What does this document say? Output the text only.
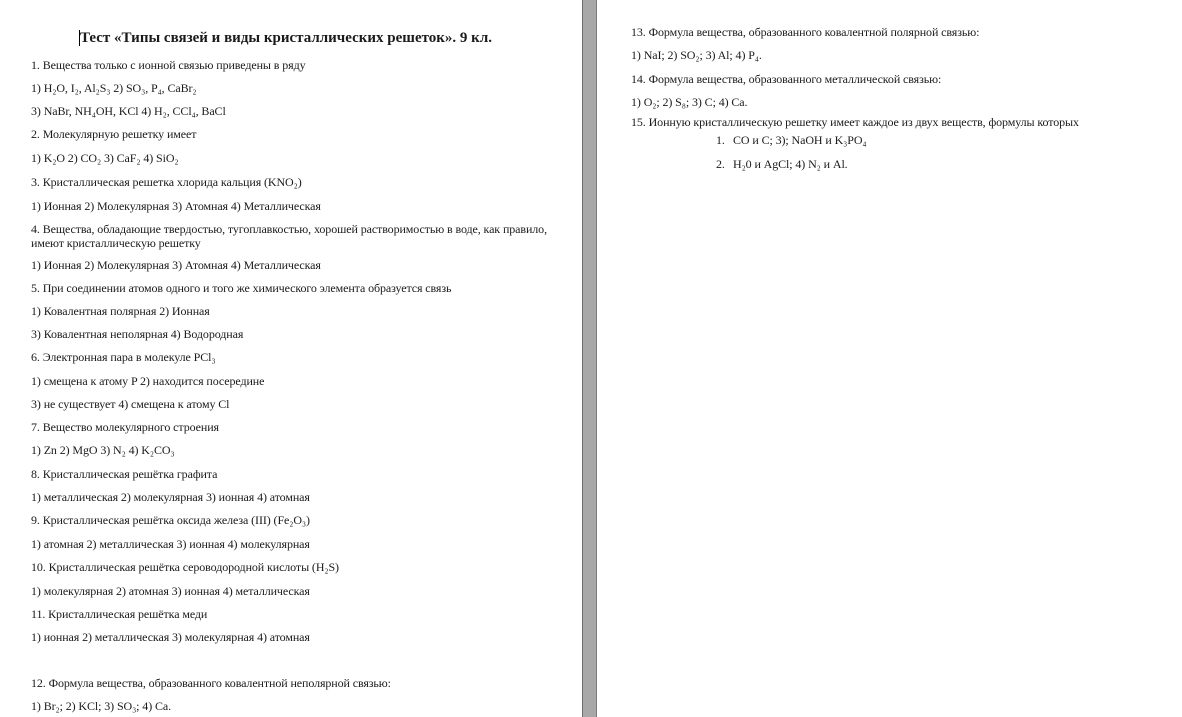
Тест «Типы связей и виды кристаллических решеток». 9 кл.
1. Вещества только с ионной связью приведены в ряду
1) H₂O, I₂, Al₂S₃ 2) SO₃, P₄, CaBr₂
3) NaBr, NH₄OH, KCl 4) H₂, CCl₄, BaCl
2. Молекулярную решетку имеет
1) K₂O 2) CO₂ 3) CaF₂ 4) SiO₂
3. Кристаллическая решетка хлорида кальция (KNO₂)
1) Ионная 2) Молекулярная 3) Атомная 4) Металлическая
4. Вещества, обладающие твердостью, тугоплавкостью, хорошей растворимостью в воде, как правило, имеют кристаллическую решетку
1) Ионная 2) Молекулярная 3) Атомная 4) Металлическая
5. При соединении атомов одного и того же химического элемента образуется связь
1) Ковалентная полярная 2) Ионная
3) Ковалентная неполярная 4) Водородная
6. Электронная пара в молекуле PCl₃
1) смещена к атому P 2) находится посередине
3) не существует 4) смещена к атому Cl
7. Вещество молекулярного строения
1) Zn 2) MgO 3) N₂ 4) K₂CO₃
8. Кристаллическая решётка графита
1) металлическая 2) молекулярная 3) ионная 4) атомная
9. Кристаллическая решётка оксида железа (III) (Fe₂O₃)
1) атомная 2) металлическая 3) ионная 4) молекулярная
10. Кристаллическая решётка сероводородной кислоты (H₂S)
1) молекулярная 2) атомная 3) ионная 4) металлическая
11. Кристаллическая решётка меди
1) ионная 2) металлическая 3) молекулярная 4) атомная
12. Формула вещества, образованного ковалентной неполярной связью:
1) Br₂; 2) KCl; 3) SO₃; 4) Ca.
13. Формула вещества, образованного ковалентной полярной связью:
1) NaI; 2) SO₂; 3) Al; 4) P₄.
14. Формула вещества, образованного металлической связью:
1) O₂; 2) S₈; 3) C; 4) Ca.
15. Ионную кристаллическую решетку имеет каждое из двух веществ, формулы которых
1. CO и C; 3); NaOH и K₃PO₄
2. H₂0 и AgCl; 4) N₂ и Al.
